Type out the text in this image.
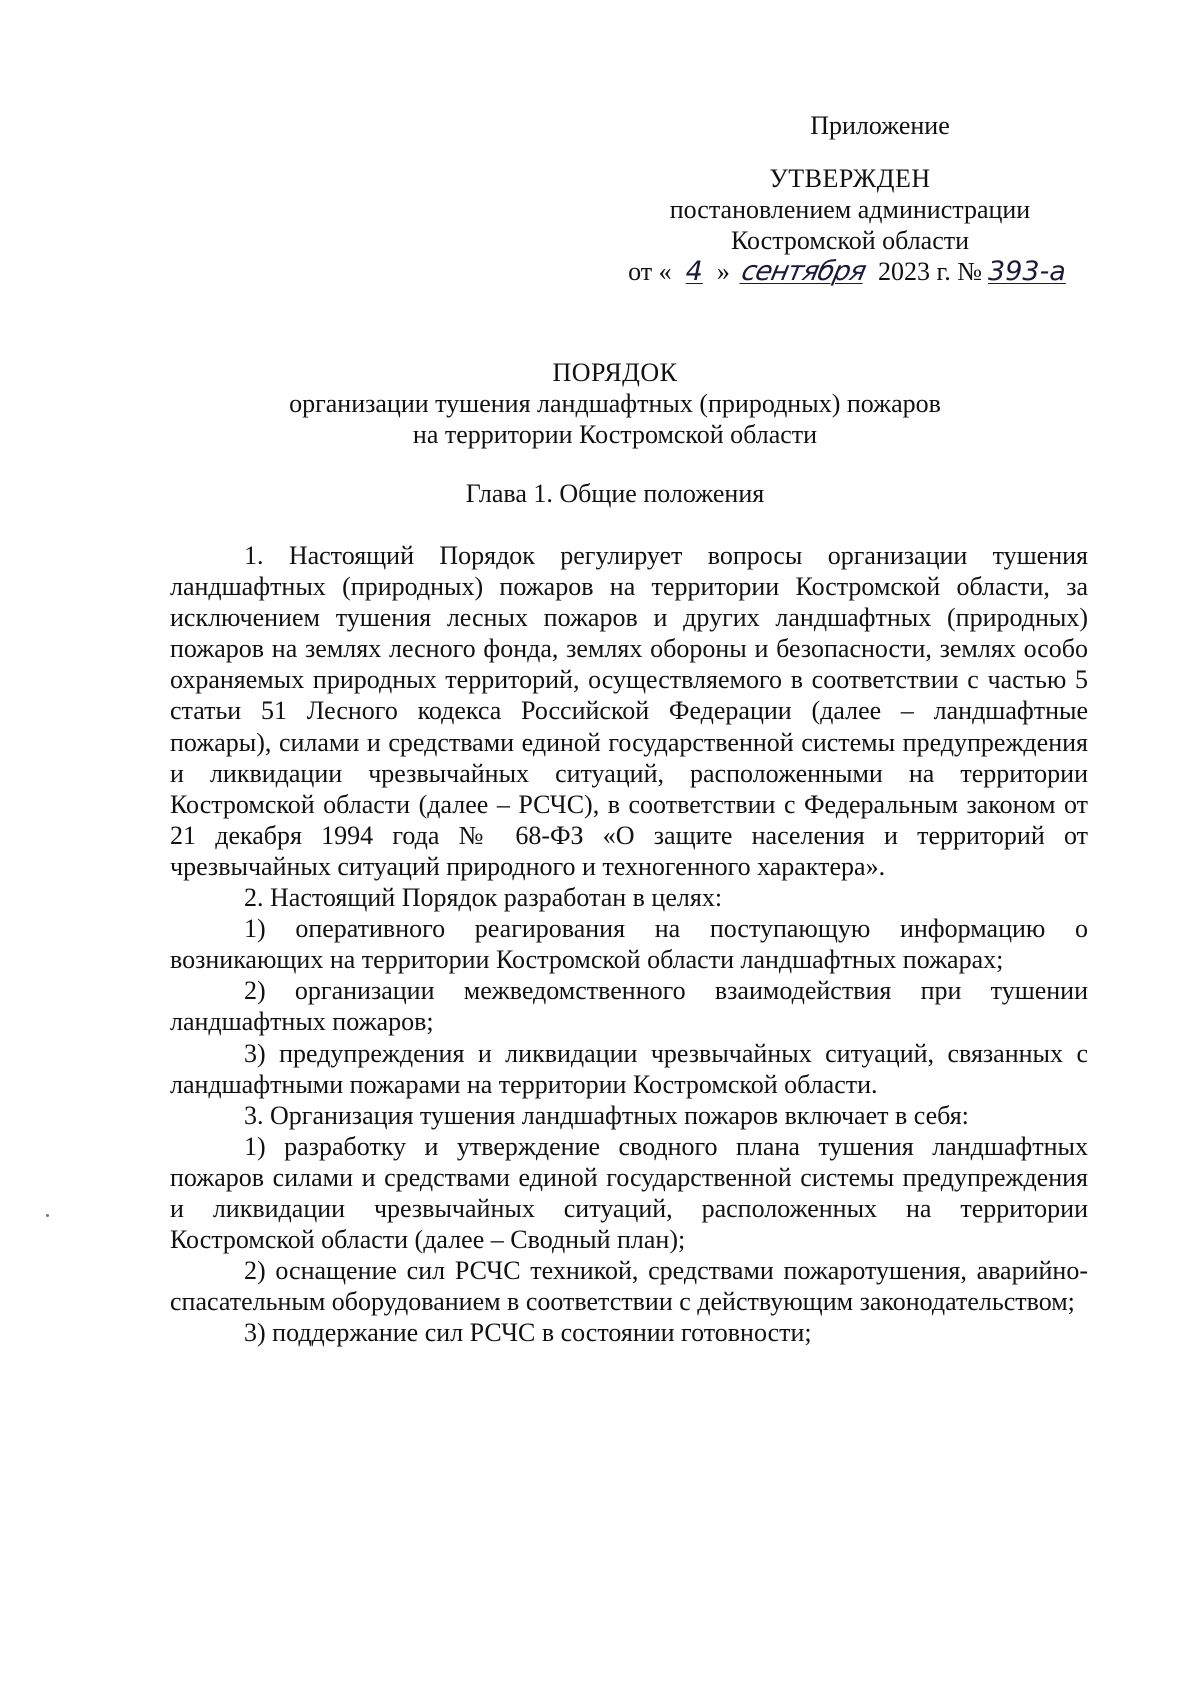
Приложение
УТВЕРЖДЕН
постановлением администрации
Костромской области
от « 4 » сентября 2023 г. № 393-а
ПОРЯДОК
организации тушения ландшафтных (природных) пожаров
на территории Костромской области
Глава 1. Общие положения

1. Настоящий Порядок регулирует вопросы организации тушения ландшафтных (природных) пожаров на территории Костромской области, за исключением тушения лесных пожаров и других ландшафтных (природных) пожаров на землях лесного фонда, землях обороны и безопасности, землях особо охраняемых природных территорий, осуществляемого в соответствии с частью 5 статьи 51 Лесного кодекса Российской Федерации (далее – ландшафтные пожары), силами и средствами единой государственной системы предупреждения и ликвидации чрезвычайных ситуаций, расположенными на территории Костромской области (далее – РСЧС), в соответствии с Федеральным законом от 21 декабря 1994 года № 68-ФЗ «О защите населения и территорий от чрезвычайных ситуаций природного и техногенного характера».

2. Настоящий Порядок разработан в целях:

1) оперативного реагирования на поступающую информацию о возникающих на территории Костромской области ландшафтных пожарах;

2) организации межведомственного взаимодействия при тушении ландшафтных пожаров;

3) предупреждения и ликвидации чрезвычайных ситуаций, связанных с ландшафтными пожарами на территории Костромской области.

3. Организация тушения ландшафтных пожаров включает в себя:

1) разработку и утверждение сводного плана тушения ландшафтных пожаров силами и средствами единой государственной системы предупреждения и ликвидации чрезвычайных ситуаций, расположенных на территории Костромской области (далее – Сводный план);

2) оснащение сил РСЧС техникой, средствами пожаротушения, аварийно-спасательным оборудованием в соответствии с действующим законодательством;

3) поддержание сил РСЧС в состоянии готовности;
